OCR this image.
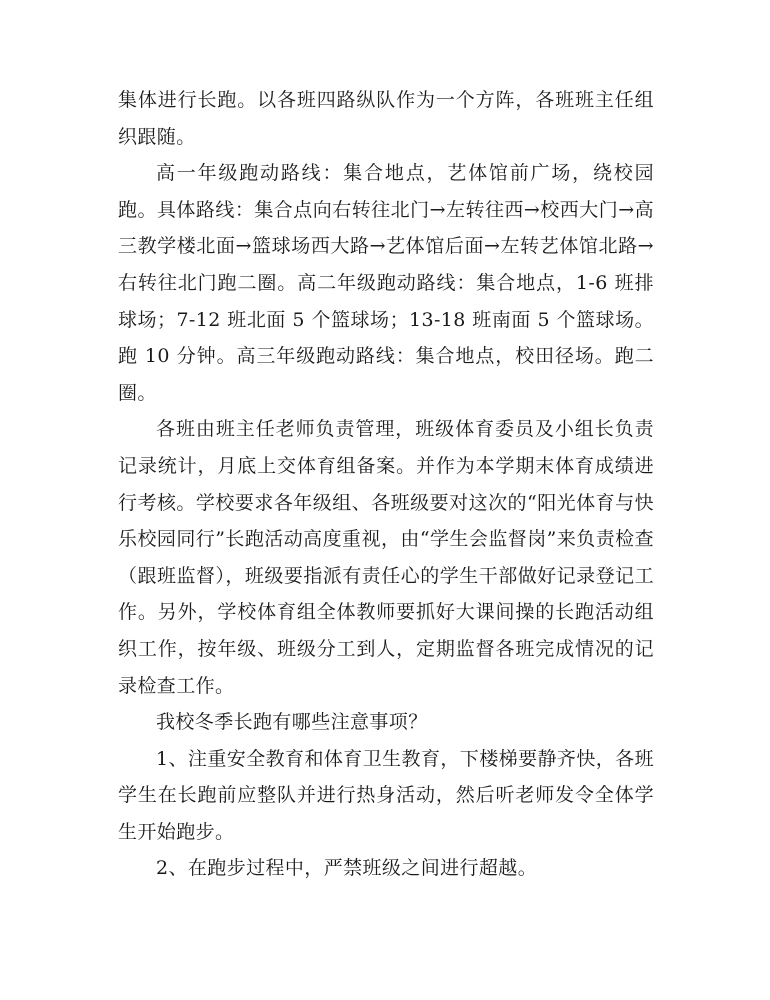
集体进行长跑。以各班四路纵队作为一个方阵，各班班主任组织跟随。

高一年级跑动路线：集合地点，艺体馆前广场，绕校园跑。具体路线：集合点向右转往北门→左转往西→校西大门→高三教学楼北面→篮球场西大路→艺体馆后面→左转艺体馆北路→右转往北门跑二圈。高二年级跑动路线：集合地点，1-6 班排球场；7-12 班北面 5 个篮球场；13-18 班南面 5 个篮球场。跑 10 分钟。高三年级跑动路线：集合地点，校田径场。跑二圈。

各班由班主任老师负责管理，班级体育委员及小组长负责记录统计，月底上交体育组备案。并作为本学期末体育成绩进行考核。学校要求各年级组、各班级要对这次的“阳光体育与快乐校园同行”长跑活动高度重视，由“学生会监督岗”来负责检查（跟班监督），班级要指派有责任心的学生干部做好记录登记工作。另外，学校体育组全体教师要抓好大课间操的长跑活动组织工作，按年级、班级分工到人，定期监督各班完成情况的记录检查工作。

我校冬季长跑有哪些注意事项？

1、注重安全教育和体育卫生教育，下楼梯要静齐快，各班学生在长跑前应整队并进行热身活动，然后听老师发令全体学生开始跑步。

2、在跑步过程中，严禁班级之间进行超越。
